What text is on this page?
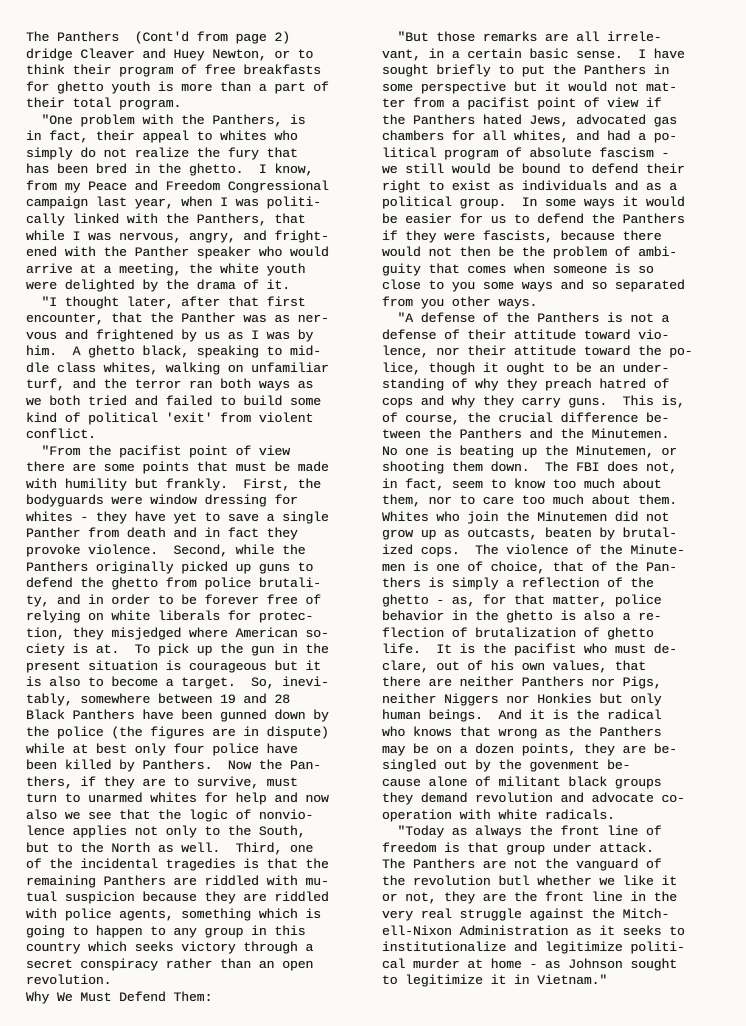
The Panthers  (Cont'd from page 2)
dridge Cleaver and Huey Newton, or to
think their program of free breakfasts
for ghetto youth is more than a part of
their total program.
"One problem with the Panthers, is
in fact, their appeal to whites who
simply do not realize the fury that
has been bred in the ghetto.  I know,
from my Peace and Freedom Congressional
campaign last year, when I was politi-
cally linked with the Panthers, that
while I was nervous, angry, and fright-
ened with the Panther speaker who would
arrive at a meeting, the white youth
were delighted by the drama of it.
"I thought later, after that first
encounter, that the Panther was as ner-
vous and frightened by us as I was by
him.  A ghetto black, speaking to mid-
dle class whites, walking on unfamiliar
turf, and the terror ran both ways as
we both tried and failed to build some
kind of political 'exit' from violent
conflict.
"From the pacifist point of view
there are some points that must be made
with humility but frankly.  First, the
bodyguards were window dressing for
whites - they have yet to save a single
Panther from death and in fact they
provoke violence.  Second, while the
Panthers originally picked up guns to
defend the ghetto from police brutali-
ty, and in order to be forever free of
relying on white liberals for protec-
tion, they misjedged where American so-
ciety is at.  To pick up the gun in the
present situation is courageous but it
is also to become a target.  So, inevi-
tably, somewhere between 19 and 28
Black Panthers have been gunned down by
the police (the figures are in dispute)
while at best only four police have
been killed by Panthers.  Now the Pan-
thers, if they are to survive, must
turn to unarmed whites for help and now
also we see that the logic of nonvio-
lence applies not only to the South,
but to the North as well.  Third, one
of the incidental tragedies is that the
remaining Panthers are riddled with mu-
tual suspicion because they are riddled
with police agents, something which is
going to happen to any group in this
country which seeks victory through a
secret conspiracy rather than an open
revolution.
Why We Must Defend Them:
"But those remarks are all irrele-
vant, in a certain basic sense.  I have
sought briefly to put the Panthers in
some perspective but it would not mat-
ter from a pacifist point of view if
the Panthers hated Jews, advocated gas
chambers for all whites, and had a po-
litical program of absolute fascism -
we still would be bound to defend their
right to exist as individuals and as a
political group.  In some ways it would
be easier for us to defend the Panthers
if they were fascists, because there
would not then be the problem of ambi-
guity that comes when someone is so
close to you some ways and so separated
from you other ways.
"A defense of the Panthers is not a
defense of their attitude toward vio-
lence, nor their attitude toward the po-
lice, though it ought to be an under-
standing of why they preach hatred of
cops and why they carry guns.  This is,
of course, the crucial difference be-
tween the Panthers and the Minutemen.
No one is beating up the Minutemen, or
shooting them down.  The FBI does not,
in fact, seem to know too much about
them, nor to care too much about them.
Whites who join the Minutemen did not
grow up as outcasts, beaten by brutal-
ized cops.  The violence of the Minute-
men is one of choice, that of the Pan-
thers is simply a reflection of the
ghetto - as, for that matter, police
behavior in the ghetto is also a re-
flection of brutalization of ghetto
life.  It is the pacifist who must de-
clare, out of his own values, that
there are neither Panthers nor Pigs,
neither Niggers nor Honkies but only
human beings.  And it is the radical
who knows that wrong as the Panthers
may be on a dozen points, they are be-
singled out by the govenment be-
cause alone of militant black groups
they demand revolution and advocate co-
operation with white radicals.
"Today as always the front line of
freedom is that group under attack.
The Panthers are not the vanguard of
the revolution butl whether we like it
or not, they are the front line in the
very real struggle against the Mitch-
ell-Nixon Administration as it seeks to
institutionalize and legitimize politi-
cal murder at home - as Johnson sought
to legitimize it in Vietnam."
